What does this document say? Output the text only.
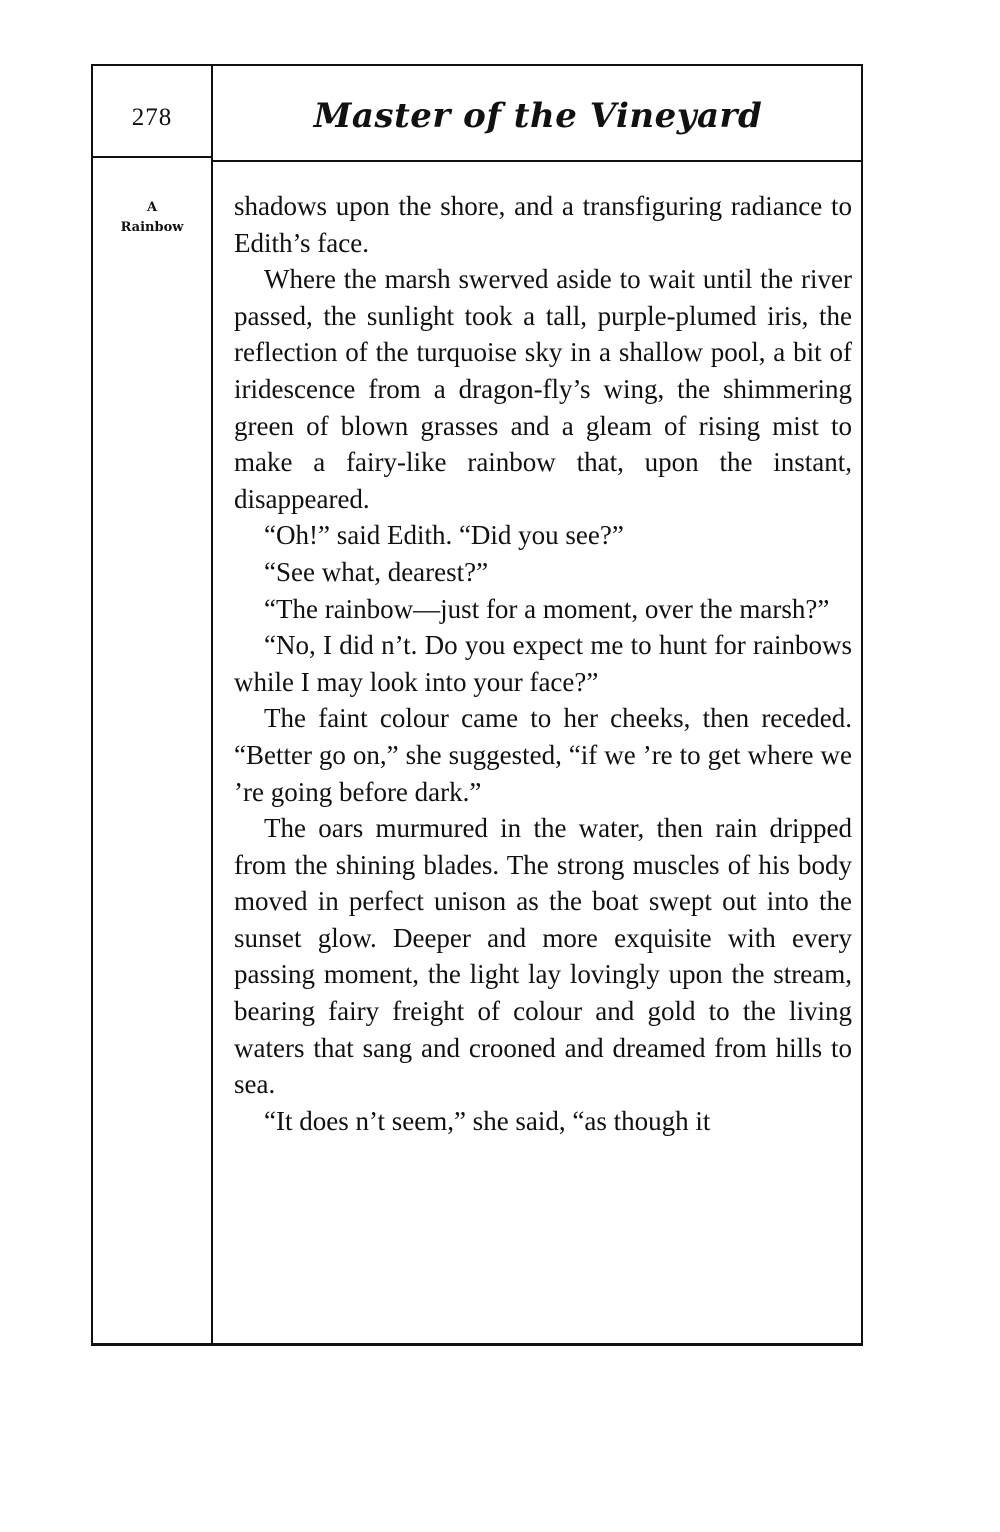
278	Master of the Vineyard
A
Rainbow

shadows upon the shore, and a transfiguring radiance to Edith’s face.

Where the marsh swerved aside to wait until the river passed, the sunlight took a tall, purple-plumed iris, the reflection of the turquoise sky in a shallow pool, a bit of iridescence from a dragon-fly’s wing, the shimmering green of blown grasses and a gleam of rising mist to make a fairy-like rainbow that, upon the instant, disappeared.

“Oh!” said Edith. “Did you see?”

“See what, dearest?”

“The rainbow—just for a moment, over the marsh?”

“No, I did n’t. Do you expect me to hunt for rainbows while I may look into your face?”

The faint colour came to her cheeks, then receded. “Better go on,” she suggested, “if we ’re to get where we ’re going before dark.”

The oars murmured in the water, then rain dripped from the shining blades. The strong muscles of his body moved in perfect unison as the boat swept out into the sunset glow. Deeper and more exquisite with every passing moment, the light lay lovingly upon the stream, bearing fairy freight of colour and gold to the living waters that sang and crooned and dreamed from hills to sea.

“It does n’t seem,” she said, “as though it
